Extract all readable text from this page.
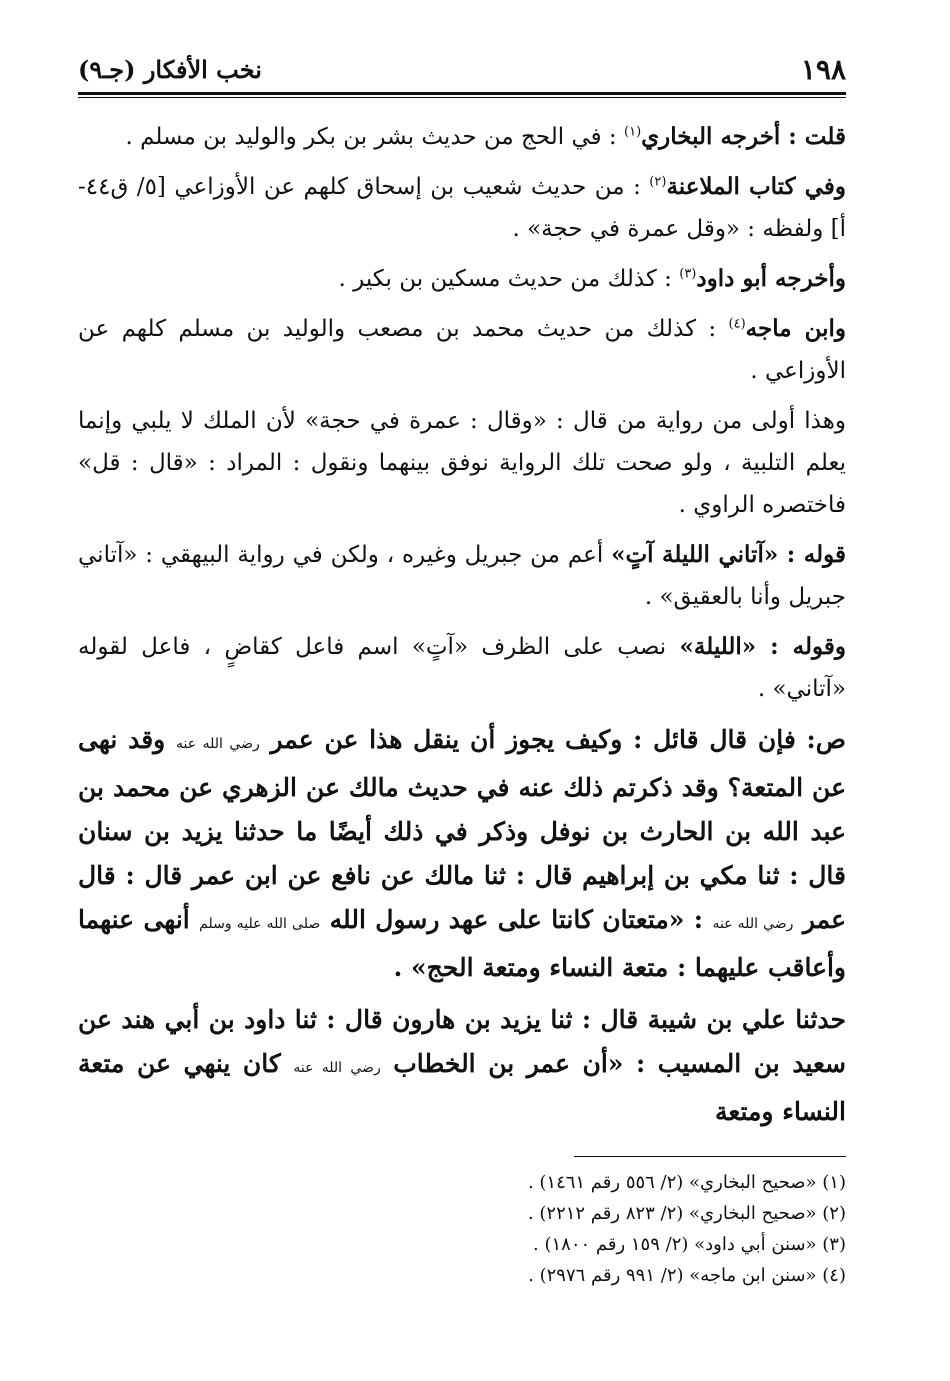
١٩٨
نخب الأفكار (جـ٩)

قلت : أخرجه البخاري$^{(١)}$ : في الحج من حديث بشر بن بكر والوليد بن مسلم .

وفي كتاب الملاعنة$^{(٢)}$ : من حديث شعيب بن إسحاق كلهم عن الأوزاعي [٥/ ق٤٤-أ] ولفظه : «وقل عمرة في حجة» .

وأخرجه أبو داود$^{(٣)}$ : كذلك من حديث مسكين بن بكير .

وابن ماجه$^{(٤)}$ : كذلك من حديث محمد بن مصعب والوليد بن مسلم كلهم عن الأوزاعي .

وهذا أولى من رواية من قال : «وقال : عمرة في حجة» لأن الملك لا يلبي وإنما يعلم التلبية ، ولو صحت تلك الرواية نوفق بينهما ونقول : المراد : «قال : قل» فاختصره الراوي .

قوله : «آتاني الليلة آتٍ» أعم من جبريل وغيره ، ولكن في رواية البيهقي : «آتاني جبريل وأنا بالعقيق» .

وقوله : «الليلة» نصب على الظرف «آتٍ» اسم فاعل كقاضٍ ، فاعل لقوله «آتاني» .

ص: فإن قال قائل : وكيف يجوز أن ينقل هذا عن عمر رضي الله عنه وقد نهى عن المتعة؟ وقد ذكرتم ذلك عنه في حديث مالك عن الزهري عن محمد بن عبد الله بن الحارث بن نوفل وذكر في ذلك أيضًا ما حدثنا يزيد بن سنان قال : ثنا مكي بن إبراهيم قال : ثنا مالك عن نافع عن ابن عمر قال : قال عمر رضي الله عنه : «متعتان كانتا على عهد رسول الله صلى الله عليه وسلم أنهى عنهما وأعاقب عليهما : متعة النساء ومتعة الحج» .

حدثنا علي بن شيبة قال : ثنا يزيد بن هارون قال : ثنا داود بن أبي هند عن سعيد بن المسيب : «أن عمر بن الخطاب رضي الله عنه كان ينهي عن متعة النساء ومتعة

(١) «صحيح البخاري» (٢/ ٥٥٦ رقم ١٤٦١) .

(٢) «صحيح البخاري» (٢/ ٨٢٣ رقم ٢٢١٢) .

(٣) «سنن أبي داود» (٢/ ١٥٩ رقم ١٨٠٠) .

(٤) «سنن ابن ماجه» (٢/ ٩٩١ رقم ٢٩٧٦) .
